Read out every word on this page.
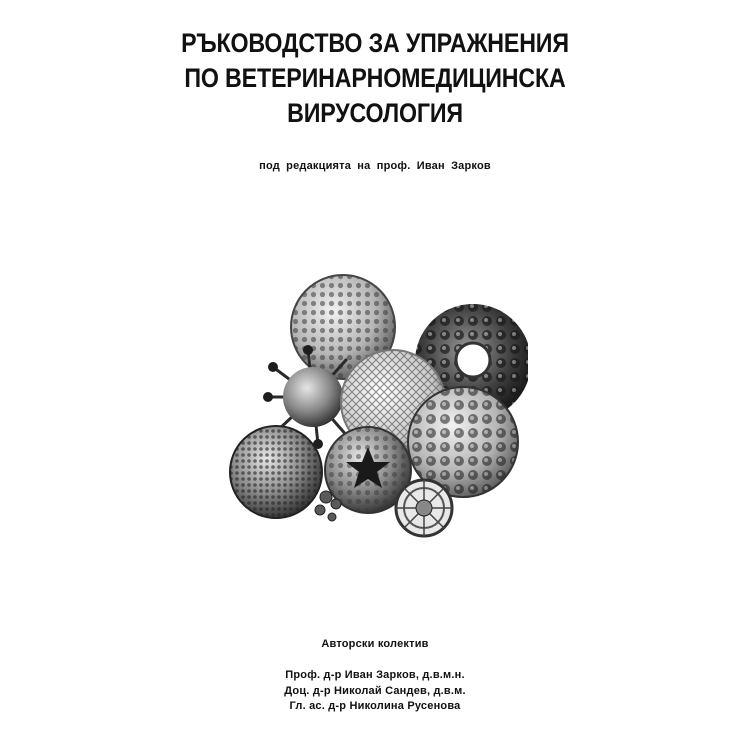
РЪКОВОДСТВО ЗА УПРАЖНЕНИЯ
ПО ВЕТЕРИНАРНОМЕДИЦИНСКА
ВИРУСОЛОГИЯ
под редакцията на проф. Иван Зарков
Авторски колектив
Проф. д-р Иван Зарков, д.в.м.н.
Доц. д-р Николай Сандев, д.в.м.
Гл. ас. д-р Николина Русенова
